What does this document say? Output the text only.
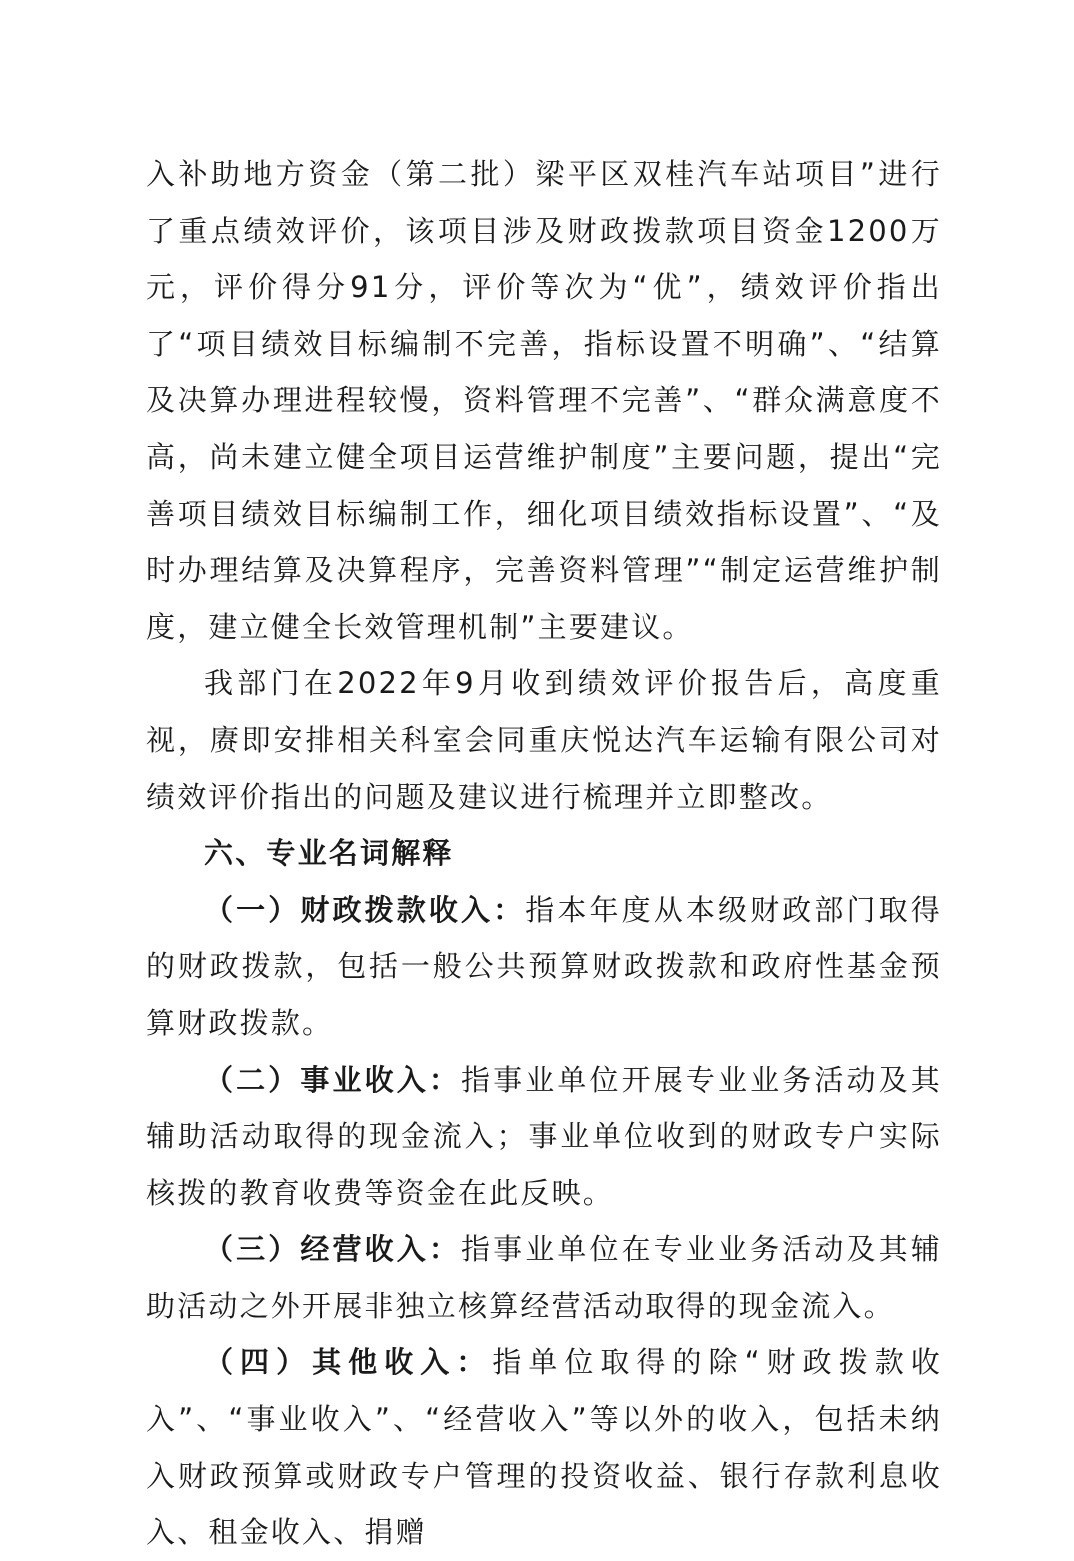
入补助地方资金（第二批）梁平区双桂汽车站项目”进行了重点绩效评价，该项目涉及财政拨款项目资金1200万元，评价得分91分，评价等次为“优”，绩效评价指出了“项目绩效目标编制不完善，指标设置不明确”、“结算及决算办理进程较慢，资料管理不完善”、“群众满意度不高，尚未建立健全项目运营维护制度”主要问题，提出“完善项目绩效目标编制工作，细化项目绩效指标设置”、“及时办理结算及决算程序，完善资料管理”“制定运营维护制度，建立健全长效管理机制”主要建议。

我部门在2022年9月收到绩效评价报告后，高度重视，赓即安排相关科室会同重庆悦达汽车运输有限公司对绩效评价指出的问题及建议进行梳理并立即整改。

六、专业名词解释

（一）财政拨款收入：指本年度从本级财政部门取得的财政拨款，包括一般公共预算财政拨款和政府性基金预算财政拨款。

（二）事业收入：指事业单位开展专业业务活动及其辅助活动取得的现金流入；事业单位收到的财政专户实际核拨的教育收费等资金在此反映。

（三）经营收入：指事业单位在专业业务活动及其辅助活动之外开展非独立核算经营活动取得的现金流入。

（四）其他收入：指单位取得的除“财政拨款收入”、“事业收入”、“经营收入”等以外的收入，包括未纳入财政预算或财政专户管理的投资收益、银行存款利息收入、租金收入、捐赠
